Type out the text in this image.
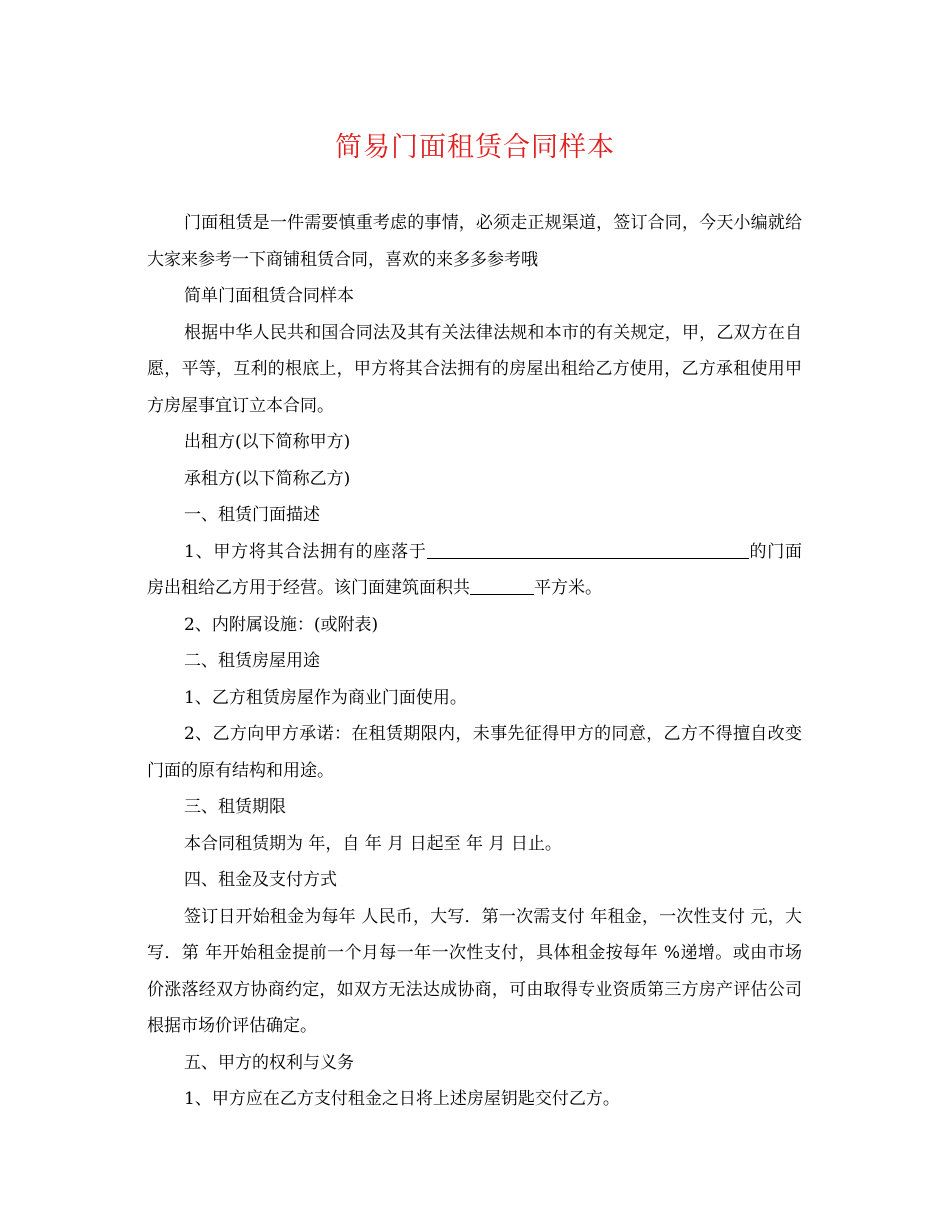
简易门面租赁合同样本

门面租赁是一件需要慎重考虑的事情，必须走正规渠道，签订合同，今天小编就给大家来参考一下商铺租赁合同，喜欢的来多多参考哦

简单门面租赁合同样本

根据中华人民共和国合同法及其有关法律法规和本市的有关规定，甲，乙双方在自愿，平等，互利的根底上，甲方将其合法拥有的房屋出租给乙方使用，乙方承租使用甲方房屋事宜订立本合同。

出租方(以下简称甲方)

承租方(以下简称乙方)

一、租赁门面描述

1、甲方将其合法拥有的座落于	的门面房出租给乙方用于经营。该门面建筑面积共	平方米。

2、内附属设施：(或附表)

二、租赁房屋用途

1、乙方租赁房屋作为商业门面使用。

2、乙方向甲方承诺：在租赁期限内，未事先征得甲方的同意，乙方不得擅自改变门面的原有结构和用途。

三、租赁期限

本合同租赁期为 年，自 年 月 日起至 年 月 日止。

四、租金及支付方式

签订日开始租金为每年 人民币，大写．第一次需支付 年租金，一次性支付 元，大写．第 年开始租金提前一个月每一年一次性支付，具体租金按每年 %递增。或由市场价涨落经双方协商约定，如双方无法达成协商，可由取得专业资质第三方房产评估公司根据市场价评估确定。

五、甲方的权利与义务

1、甲方应在乙方支付租金之日将上述房屋钥匙交付乙方。
